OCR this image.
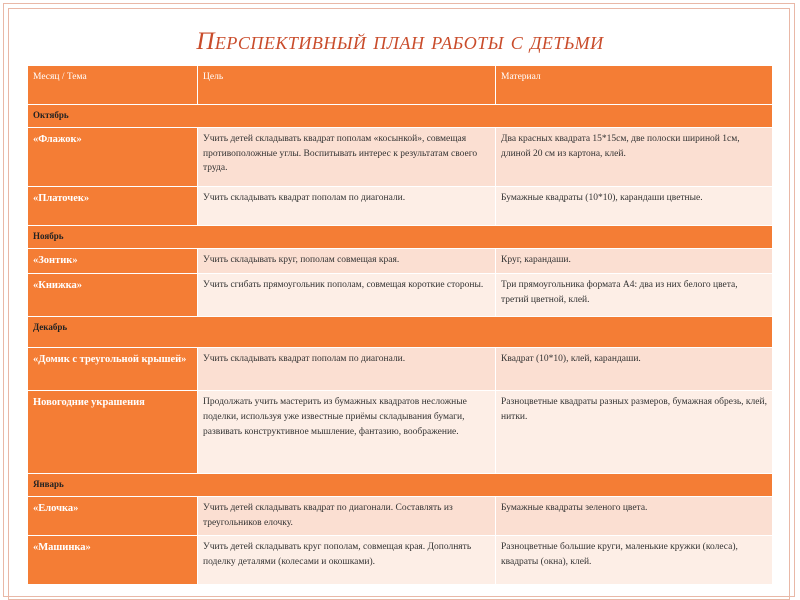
Перспективный план работы с детьми
Месяц / Тема	Цель	Материал
Октябрь		
«Флажок»	Учить детей складывать квадрат пополам «косынкой», совмещая противоположные углы. Воспитывать интерес к результатам своего труда.	Два красных квадрата 15*15см, две полоски шириной 1см, длиной 20 см из картона, клей.
«Платочек»	Учить складывать квадрат пополам по диагонали.	Бумажные квадраты (10*10), карандаши цветные.
Ноябрь		
«Зонтик»	Учить складывать круг, пополам совмещая края.	Круг, карандаши.
«Книжка»	Учить сгибать прямоугольник пополам, совмещая короткие стороны.	Три прямоугольника формата А4: два из них белого цвета, третий цветной, клей.
Декабрь		
«Домик с треугольной крышей»	Учить складывать квадрат пополам по диагонали.	Квадрат (10*10), клей, карандаши.
Новогодние украшения	Продолжать учить мастерить из бумажных квадратов несложные поделки, используя уже известные приёмы складывания бумаги, развивать конструктивное мышление, фантазию, воображение.	Разноцветные квадраты разных размеров, бумажная обрезь, клей, нитки.
Январь		
«Елочка»	Учить детей складывать квадрат по диагонали. Составлять из треугольников елочку.	Бумажные квадраты зеленого цвета.
«Машинка»	Учить детей складывать круг пополам, совмещая края. Дополнять поделку деталями (колесами и окошками).	Разноцветные большие круги, маленькие кружки (колеса), квадраты (окна), клей.
